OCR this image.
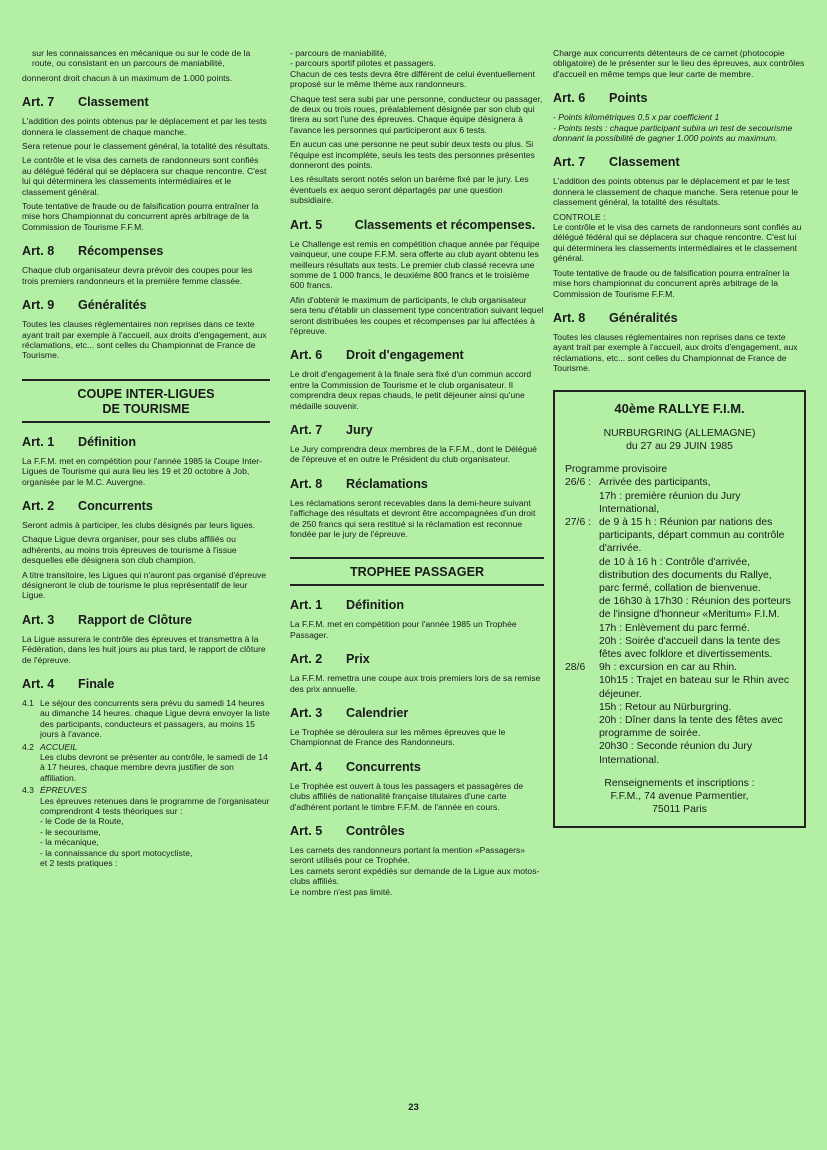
sur les connaissances en mécanique ou sur le code de la route, ou consistant en un parcours de maniabilité,
donneront droit chacun à un maximum de 1.000 points.
Art. 7	Classement
L'addition des points obtenus par le déplacement et par les tests donnera le classement de chaque manche.
Sera retenue pour le classement général, la totalité des résultats.
Le contrôle et le visa des carnets de randonneurs sont confiés au délégué fédéral qui se déplacera sur chaque rencontre. C'est lui qui déterminera les classements intermédiaires et le classement général.
Toute tentative de fraude ou de falsification pourra entraîner la mise hors Championnat du concurrent après arbitrage de la Commission de Tourisme F.F.M.
Art. 8	Récompenses
Chaque club organisateur devra prévoir des coupes pour les trois premiers randonneurs et la première femme classée.
Art. 9	Généralités
Toutes les clauses réglementaires non reprises dans ce texte ayant trait par exemple à l'accueil, aux droits d'engagement, aux réclamations, etc... sont celles du Championnat de France de Tourisme.
COUPE INTER-LIGUES
DE TOURISME
Art. 1	Définition
La F.F.M. met en compétition pour l'année 1985 la Coupe Inter-Ligues de Tourisme qui aura lieu les 19 et 20 octobre à Job, organisée par le M.C. Auvergne.
Art. 2	Concurrents
Seront admis à participer, les clubs désignés par leurs ligues.
Chaque Ligue devra organiser, pour ses clubs affiliés ou adhérents, au moins trois épreuves de tourisme à l'issue desquelles elle désignera son club champion.
A titre transitoire, les Ligues qui n'auront pas organisé d'épreuve désigneront le club de tourisme le plus représentatif de leur Ligue.
Art. 3	Rapport de Clôture
La Ligue assurera le contrôle des épreuves et transmettra à la Fédération, dans les huit jours au plus tard, le rapport de clôture de l'épreuve.
Art. 4	Finale
4.1 Le séjour des concurrents sera prévu du samedi 14 heures au dimanche 14 heures. chaque Ligue devra envoyer la liste des participants, conducteurs et passagers, au moins 15 jours à l'avance.
4.2 ACCUEIL
Les clubs devront se présenter au contrôle, le samedi de 14 à 17 heures, chaque membre devra justifier de son affiliation.
4.3 ÉPREUVES
Les épreuves retenues dans le programme de l'organisateur comprendront 4 tests théoriques sur :
- le Code de la Route,
- le secourisme,
- la mécanique,
- la connaissance du sport motocycliste,
et 2 tests pratiques :
- parcours de maniabilité,
- parcours sportif pilotes et passagers.
Chacun de ces tests devra être différent de celui éventuellement proposé sur le même thème aux randonneurs.
Chaque test sera subi par une personne, conducteur ou passager, de deux ou trois roues, préalablement désignée par son club qui tirera au sort l'une des épreuves. Chaque équipe désignera à l'avance les personnes qui participeront aux 6 tests.
En aucun cas une personne ne peut subir deux tests ou plus. Si l'équipe est incomplète, seuls les tests des personnes présentes donneront des points.
Les résultats seront notés selon un barème fixé par le jury. Les éventuels ex aequo seront départagés par une question subsidiaire.
Art. 5	Classements et récompenses.
Le Challenge est remis en compétition chaque année par l'équipe vainqueur, une coupe F.F.M. sera offerte au club ayant obtenu les meilleurs résultats aux tests. Le premier club classé recevra une somme de 1 000 francs, le deuxième 800 francs et le troisième 600 francs.
Afin d'obtenir le maximum de participants, le club organisateur sera tenu d'établir un classement type concentration suivant lequel seront distribuées les coupes et récompenses par lui affectées à l'épreuve.
Art. 6	Droit d'engagement
Le droit d'engagement à la finale sera fixé d'un commun accord entre la Commission de Tourisme et le club organisateur. Il comprendra deux repas chauds, le petit déjeuner ainsi qu'une médaille souvenir.
Art. 7	Jury
Le Jury comprendra deux membres de la F.F.M., dont le Délégué de l'épreuve et en outre le Président du club organisateur.
Art. 8	Réclamations
Les réclamations seront recevables dans la demi-heure suivant l'affichage des résultats et devront être accompagnées d'un droit de 250 francs qui sera restitué si la réclamation est reconnue fondée par le jury de l'épreuve.
TROPHEE PASSAGER
Art. 1	Définition
La F.F.M. met en compétition pour l'année 1985 un Trophée Passager.
Art. 2	Prix
La F.F.M. remettra une coupe aux trois premiers lors de sa remise des prix annuelle.
Art. 3	Calendrier
Le Trophée se déroulera sur les mêmes épreuves que le Championnat de France des Randonneurs.
Art. 4	Concurrents
Le Trophée est ouvert à tous les passagers et passagères de clubs affiliés de nationalité française titulaires d'une carte d'adhérent portant le timbre F.F.M. de l'année en cours.
Art. 5	Contrôles
Les carnets des randonneurs portant la mention «Passagers» seront utilisés pour ce Trophée.
Les carnets seront expédiés sur demande de la Ligue aux motos-clubs affiliés.
Le nombre n'est pas limité.
Charge aux concurrents détenteurs de ce carnet (photocopie obligatoire) de le présenter sur le lieu des épreuves, aux contrôles d'accueil en même temps que leur carte de membre.
Art. 6	Points
- Points kilométriques 0,5 x par coefficient 1
- Points tests : chaque participant subira un test de secourisme donnant la possibilité de gagner 1.000 points au maximum.
Art. 7	Classement
L'addition des points obtenus par le déplacement et par le test donnera le classement de chaque manche. Sera retenue pour le classement général, la totalité des résultats.
CONTROLE :
Le contrôle et le visa des carnets de randonneurs sont confiés au délégué fédéral qui se déplacera sur chaque rencontre. C'est lui qui déterminera les classements intermédiaires et le classement général.
Toute tentative de fraude ou de falsification pourra entraîner la mise hors championnat du concurrent après arbitrage de la Commission de Tourisme F.F.M.
Art. 8	Généralités
Toutes les clauses réglementaires non reprises dans ce texte ayant trait par exemple à l'accueil, aux droits d'engagement, aux réclamations, etc... sont celles du Championnat de France de Tourisme.
40ème RALLYE F.I.M.
NURBURGRING (ALLEMAGNE)
du 27 au 29 JUIN 1985
Programme provisoire
26/6 : Arrivée des participants,
17h : première réunion du Jury International,
27/6 : de 9 à 15 h : Réunion par nations des participants, départ commun au contrôle d'arrivée.
de 10 à 16 h : Contrôle d'arrivée, distribution des documents du Rallye, parc fermé, collation de bienvenue.
de 16h30 à 17h30 : Réunion des porteurs de l'insigne d'honneur «Meritum» F.I.M.
17h : Enlèvement du parc fermé.
20h : Soirée d'accueil dans la tente des fêtes avec folklore et divertissements.
28/6	9h : excursion en car au Rhin.
10h15 : Trajet en bateau sur le Rhin avec déjeuner.
15h : Retour au Nürburgring.
20h : Dîner dans la tente des fêtes avec programme de soirée.
20h30 : Seconde réunion du Jury International.
Renseignements et inscriptions :
F.F.M., 74 avenue Parmentier,
75011 Paris
23
